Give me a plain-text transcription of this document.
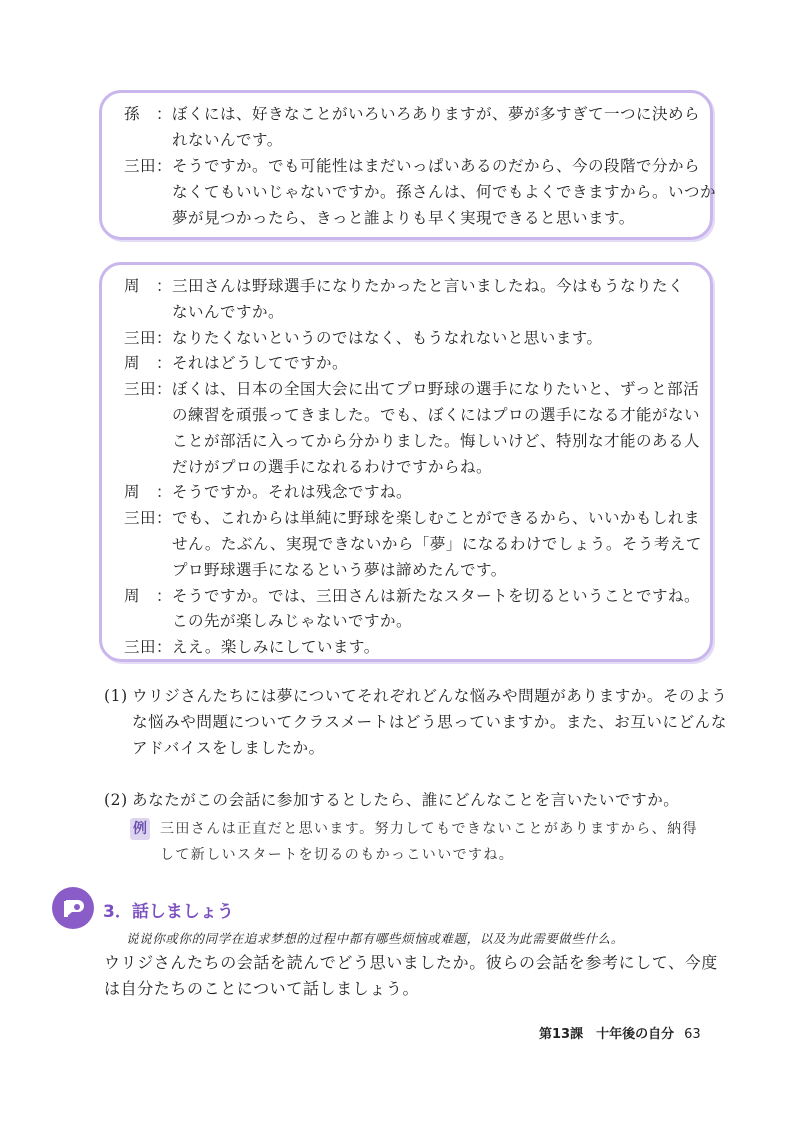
孫　： ぼくには、好きなことがいろいろありますが、夢が多すぎて一つに決めら
れないんです。
三田： そうですか。でも可能性はまだいっぱいあるのだから、今の段階で分から
なくてもいいじゃないですか。孫さんは、何でもよくできますから。いつか
夢が見つかったら、きっと誰よりも早く実現できると思います。
周　： 三田さんは野球選手になりたかったと言いましたね。今はもうなりたく
ないんですか。
三田： なりたくないというのではなく、もうなれないと思います。
周　： それはどうしてですか。
三田： ぼくは、日本の全国大会に出てプロ野球の選手になりたいと、ずっと部活
の練習を頑張ってきました。でも、ぼくにはプロの選手になる才能がない
ことが部活に入ってから分かりました。悔しいけど、特別な才能のある人
だけがプロの選手になれるわけですからね。
周　： そうですか。それは残念ですね。
三田： でも、これからは単純に野球を楽しむことができるから、いいかもしれま
せん。たぶん、実現できないから「夢」になるわけでしょう。そう考えて
プロ野球選手になるという夢は諦めたんです。
周　： そうですか。では、三田さんは新たなスタートを切るということですね。
この先が楽しみじゃないですか。
三田： ええ。楽しみにしています。
(1) ウリジさんたちには夢についてそれぞれどんな悩みや問題がありますか。そのよう
な悩みや問題についてクラスメートはどう思っていますか。また、お互いにどんな
アドバイスをしましたか。
(2) あなたがこの会話に参加するとしたら、誰にどんなことを言いたいですか。
例 三田さんは正直だと思います。努力してもできないことがありますから、納得
して新しいスタートを切るのもかっこいいですね。
3．話しましょう
说说你或你的同学在追求梦想的过程中都有哪些烦恼或难题，以及为此需要做些什么。
ウリジさんたちの会話を読んでどう思いましたか。彼らの会話を参考にして、今度
は自分たちのことについて話しましょう。
第13課　十年後の自分 63
